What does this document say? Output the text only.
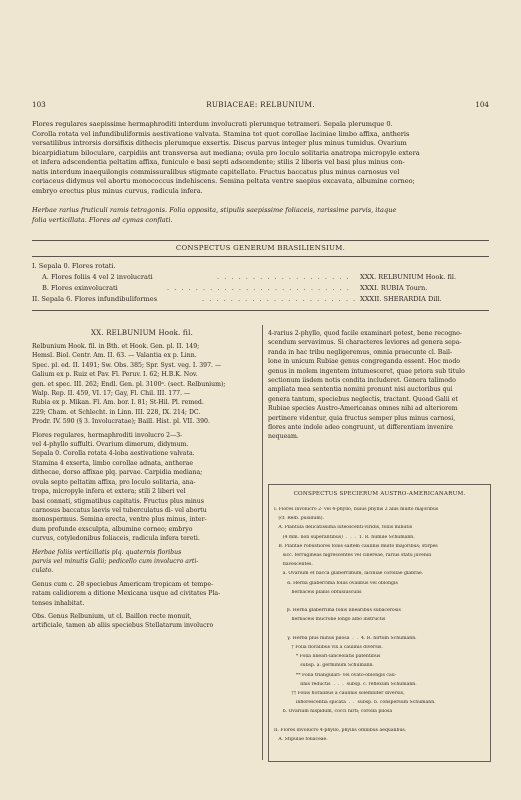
103	RUBIACEAE: RELBUNIUM.	104
Flores regulares saepissime hermaphroditi interdum involucrati plerumque tetrameri. Sepala plerumque 0.
Corolla rotata vel infundibuliformis aestivatione valvata. Stamina tot quot corollae laciniae limbo affixa, antheris
versatilibus introrsis dorsifixis dithecis plerumque exsertis. Discus parvus integer plus minus tumidus. Ovarium
bicarpidiatum biloculare, carpidiis ant transversa aut mediana; ovula pro loculo solitaria anatropa micropyle extera
et infera adscendentia peltatim affixa, funiculo e basi septi adscendente; stilis 2 liberis vel basi plus minus con-
natis interdum inaequilongis commissuralibus stigmate capitellato. Fructus baccatus plus minus carnosus vel
coriaceus didymus vel abortu monococcus indehiscens. Semina peltata ventre saepius excavata, albumine corneo;
embryo erectus plus minus curvus, radicula infera.
Herbae rarius fruticuli ramis tetragonis. Folia opposita, stipulis saepissime foliaceis, rarissime parvis, itaque
folia verticillata. Flores ad cymas conflati.
CONSPECTUS GENERUM BRASILIENSIUM.
I. Sepala 0. Flores rotati.
A. Flores foliis 4 vel 2 involucrati	. . . . . . . . . . . . . . . . . . . XXX. RELBUNIUM Hook. fil.
B. Flores exinvolucrati	. . . . . . . . . . . . . . . . . . . . . . . . . . XXXI. RUBIA Tourn.
II. Sepala 6. Flores infundibuliformes	. . . . . . . . . . . . . . . . . . . . . . XXXII. SHERARDIA Dill.
XX. RELBUNIUM Hook. fil.

Relbunium Hook. fil. in Bth. et Hook. Gen. pl. II. 149;
Hemsl. Biol. Centr. Am. II. 63. — Valantia ex p. Linn.
Spec. pl. ed. II. 1491; Sw. Obs. 385; Spr. Syst. veg. I. 397. —
Galium ex p. Ruiz et Pav. Fl. Peruv. I. 62; H.B.K. Nov.
gen. et spec. III. 262; Endl. Gen. pl. 3100ᵃ. (sect. Relbunium);
Walp. Rep. II. 459, VI. 17; Gay, Fl. Chil. III. 177. —
Rubia ex p. Mikan. Fl. Am. bor. I. 81; St-Hil. Pl. remed.
229; Cham. et Schlecht. in Linn. III. 228, IX. 214; DC.
Prodr. IV. 590 (§ 3. Involucratae); Baill. Hist. pl. VII. 390.

Flores regulares, hermaphroditi involucro 2—3-
vel 4-phyllo suffulti. Ovarium dimerum, didymum.
Sepala 0. Corolla rotata 4-loba aestivatione valvata.
Stamina 4 exserta, limbo corollae adnata, antherae
dithecae, dorso affixae plq. parvae. Carpidia mediana;
ovula septo peltatim affixa, pro loculo solitaria, ana-
tropa, micropyle infera et extera; stili 2 liberi vel
basi connati, stigmatibus capitatis. Fructus plus minus
carnosus baccatus laevis vel tuberculatus di- vel abortu
monospermus. Semina erecta, ventre plus minus, inter-
dum profunde exsculpta, albumine corneo; embryo
curvus, cotyledonibus foliaceis, radicula infera tereti.

Herbae foliis verticillatis plq. quaternis floribus
parvis vel minutis Galii; pedicello cum involucro arti-
culato.

Genus cum c. 28 speciebus Americam tropicam et tempe-
ratam calidiorem a ditione Mexicana usque ad civitates Pla-
tenses inhabitat.

Obs. Genus Relbunium, ut cl. Baillon recte monuit,
artificiale, tamen ab aliis speciebus Stellatarum involucro

4-rarius 2-phyllo, quod facile examinari potest, bene recogno-
scendum servavimus. Si characteres leviores ad genera sepa-
randa in hac tribu negligeremus, omnia praecunte cl. Bail-
lone in unicum Rubiae genus congreganda essent. Hoc modo
genus in molem ingentem intumesceret, quae priora sub titulo
sectionum iisdem notis condita includeret. Genera talimodo
ampliata mea sententia nomini pronunt nisi auctoribus qui
genera tantum, speciebus neglectis, tractant. Quoad Galii et
Rubiae species Austro-Americanas omnes nihi ad alteriorem
pertinere videntur, quia fructus semper plus minus carnosi,
flores ante indole adeo congruunt, ut differentiam invenire
nequeam.

CONSPECTUS SPECIERUM AUSTRO-AMERICANARUM.
I. Flores involucro 2- vel 4-phyllo, huius phyllis 2 aliis multo majoribus
(cf. Relb. pusillum).
A. Plantula delicatissima luteoscenti-viridis, foliis minutis
(4 mm. non superantibus)  .  .  .  1. R. humile Schumann.
B. Plantae robustiores foliis saltem caulinis multo majoribus; stirpes
sicc. ferrugineas nigrescentes vel cinereae, rarius statu juvenili
flavescentes.
a. Ovarium et bacca glaberrimum, laciniae corollae glabrae.
α. Herba glaberrima foliis ovalibus vel oblongis
herbaceis planis obtusiusculis
β. Herba glaberrima foliis linearibus subacerosis
herbaceis mucrone longo albo instructis
γ. Herba plus minus pilosa  .  .  4. R. hirtum Schumann.
† Folia floralibus vix a caulinis diversis.
* Folia lineari-lanceolatis patentibus
subsp. a. germinum Schumann.
** Folia triangulari- vel ovato-oblongis cau-
linis reductis  .  .  .  subsp. c. reflexum Schumann.
†† Foliis floralibus a caulinis solemniter diversis,
inflorescentia spicata  .  .  subsp. b. conspersum Schumann.
b. Ovarium hispidum, cocci hirti; corolla pilosa
II. Flores involucro 4-phyllo, phyllis omnibus aequalibus.
A. Stipulae foliaceae.
